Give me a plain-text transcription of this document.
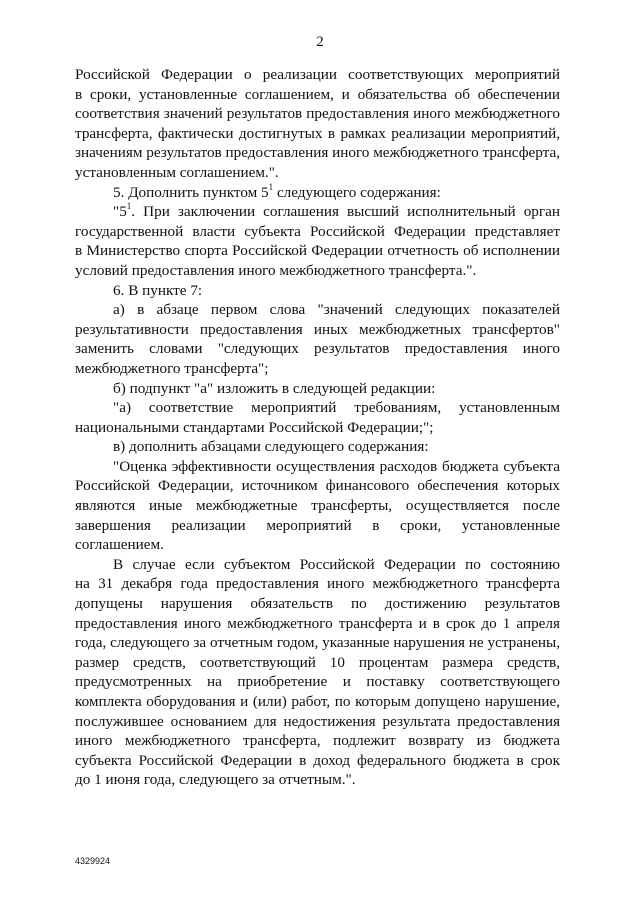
2
Российской Федерации о реализации соответствующих мероприятий
в сроки, установленные соглашением, и обязательства об обеспечении
соответствия значений результатов предоставления иного межбюджетного
трансферта, фактически достигнутых в рамках реализации мероприятий,
значениям результатов предоставления иного межбюджетного трансферта,
установленным соглашением.".
5. Дополнить пунктом $5^1$ следующего содержания:
"$5^1$. При заключении соглашения высший исполнительный орган
государственной власти субъекта Российской Федерации представляет
в Министерство спорта Российской Федерации отчетность об исполнении
условий предоставления иного межбюджетного трансферта.".
6. В пункте 7:
а) в абзаце первом слова "значений следующих показателей
результативности предоставления иных межбюджетных трансфертов"
заменить словами "следующих результатов предоставления иного
межбюджетного трансферта";
б) подпункт "а" изложить в следующей редакции:
"а) соответствие мероприятий требованиям, установленным
национальными стандартами Российской Федерации;";
в) дополнить абзацами следующего содержания:
"Оценка эффективности осуществления расходов бюджета субъекта
Российской Федерации, источником финансового обеспечения которых
являются иные межбюджетные трансферты, осуществляется после
завершения реализации мероприятий в сроки, установленные
соглашением.
В случае если субъектом Российской Федерации по состоянию
на 31 декабря года предоставления иного межбюджетного трансферта
допущены нарушения обязательств по достижению результатов
предоставления иного межбюджетного трансферта и в срок до 1 апреля
года, следующего за отчетным годом, указанные нарушения не устранены,
размер средств, соответствующий 10 процентам размера средств,
предусмотренных на приобретение и поставку соответствующего
комплекта оборудования и (или) работ, по которым допущено нарушение,
послужившее основанием для недостижения результата предоставления
иного межбюджетного трансферта, подлежит возврату из бюджета
субъекта Российской Федерации в доход федерального бюджета в срок
до 1 июня года, следующего за отчетным.".
4329924
